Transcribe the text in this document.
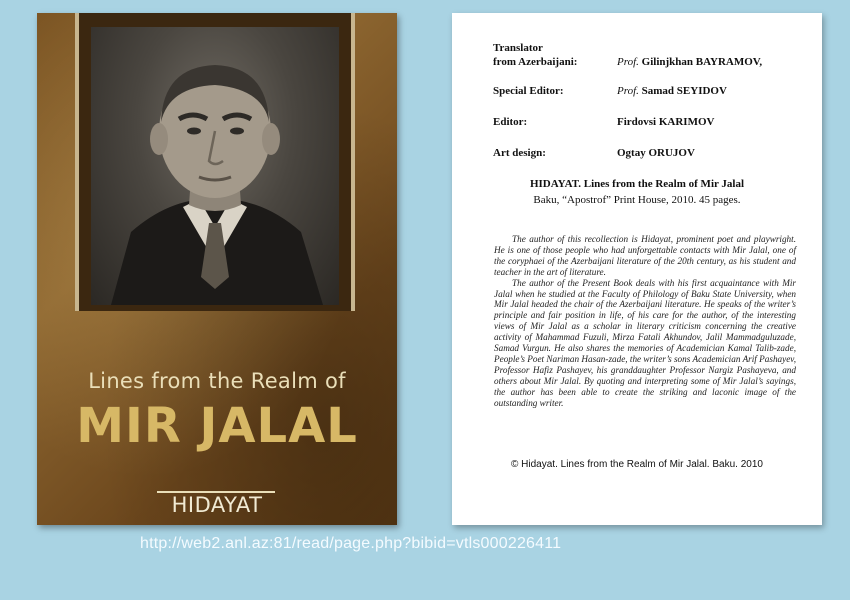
Lines from the Realm of
MIR JALAL
HIDAYAT
Translator
from Azerbaijani:	Prof. Gilinjkhan BAYRAMOV,
Special Editor:	Prof. Samad SEYIDOV
Editor:	Firdovsi KARIMOV
Art design:	Ogtay ORUJOV
HIDAYAT. Lines from the Realm of Mir Jalal
Baku, “Apostrof” Print House, 2010. 45 pages.

The author of this recollection is Hidayat, prominent poet and playwright. He is one of those people who had unforgettable contacts with Mir Jalal, one of the coryphaei of the Azerbaijani literature of the 20th century, as his student and teacher in the art of literature.

The author of the Present Book deals with his first acquaintance with Mir Jalal when he studied at the Faculty of Philology of Baku State University, when Mir Jalal headed the chair of the Azerbaijani literature. He speaks of the writer’s principle and fair position in life, of his care for the author, of the interesting views of Mir Jalal as a scholar in literary criticism concerning the creative activity of Mahammad Fuzuli, Mirza Fatali Akhundov, Jalil Mammadguluzade, Samad Vurgun. He also shares the memories of Academician Kamal Talib-zade, People’s Poet Nariman Hasan-zade, the writer’s sons Academician Arif Pashayev, Professor Hafiz Pashayev, his granddaughter Professor Nargiz Pashayeva, and others about Mir Jalal. By quoting and interpreting some of Mir Jalal’s sayings, the author has been able to create the striking and laconic image of the outstanding writer.

© Hidayat. Lines from the Realm of Mir Jalal. Baku. 2010
http://web2.anl.az:81/read/page.php?bibid=vtls000226411
